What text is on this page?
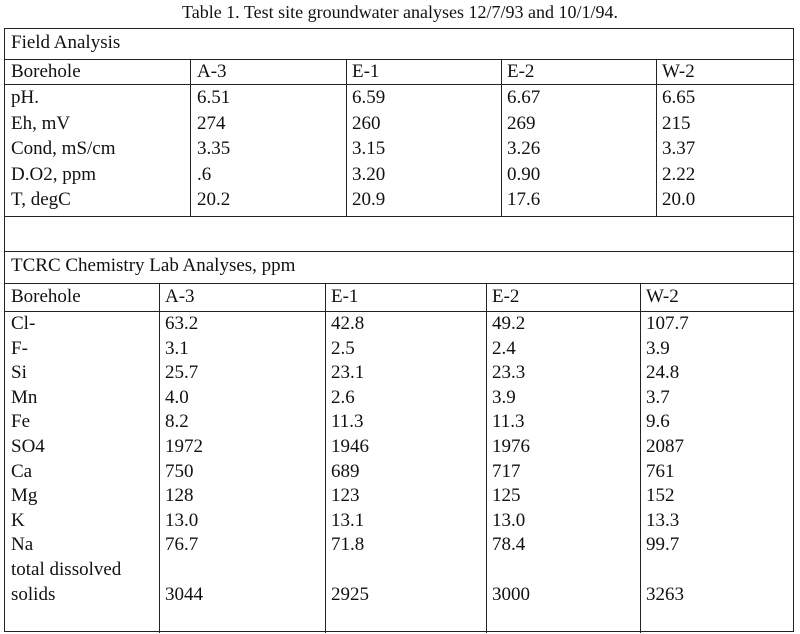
Table 1. Test site groundwater analyses 12/7/93 and 10/1/94.
Field Analysis
Borehole	A-3	E-1	E-2	W-2
pH.	6.51	6.59	6.67	6.65
Eh, mV	274	260	269	215
Cond, mS/cm	3.35	3.15	3.26	3.37
D.O2, ppm	.6	3.20	0.90	2.22
T, degC	20.2	20.9	17.6	20.0
TCRC Chemistry Lab Analyses, ppm
Borehole	A-3	E-1	E-2	W-2
Cl-	63.2	42.8	49.2	107.7
F-	3.1	2.5	2.4	3.9
Si	25.7	23.1	23.3	24.8
Mn	4.0	2.6	3.9	3.7
Fe	8.2	11.3	11.3	9.6
SO4	1972	1946	1976	2087
Ca	750	689	717	761
Mg	128	123	125	152
K	13.0	13.1	13.0	13.3
Na	76.7	71.8	78.4	99.7
total dissolved
solids	3044	2925	3000	3263
